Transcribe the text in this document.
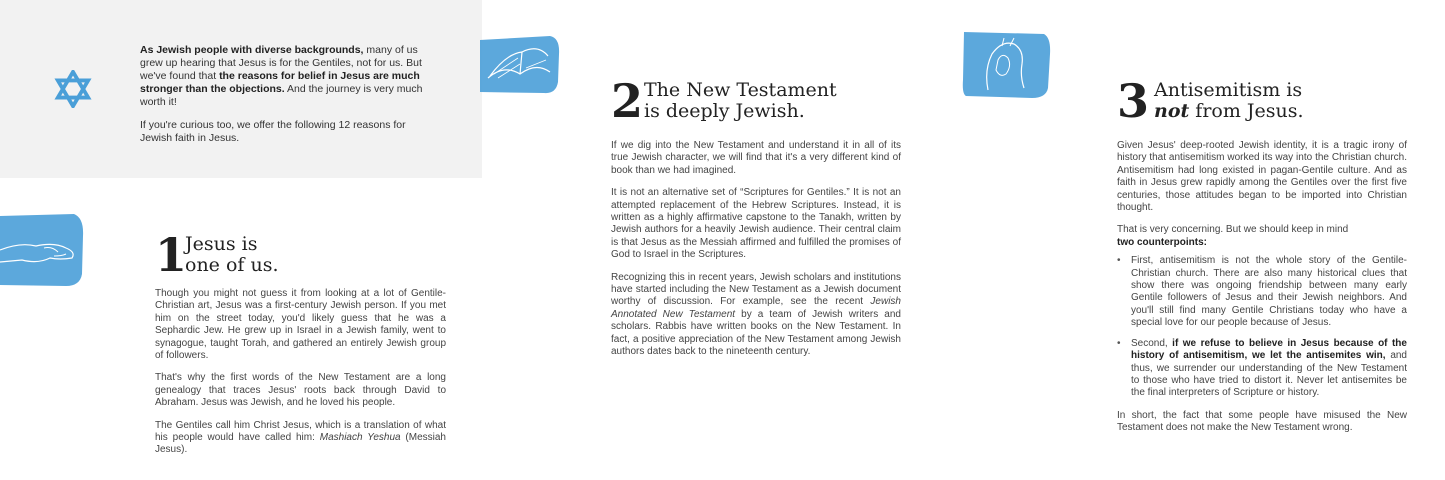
As Jewish people with diverse backgrounds, many of us grew up hearing that Jesus is for the Gentiles, not for us. But we've found that the reasons for belief in Jesus are much stronger than the objections. And the journey is very much worth it!

If you're curious too, we offer the following 12 reasons for Jewish faith in Jesus.

1
Jesus is
one of us.

Though you might not guess it from looking at a lot of Gentile-Christian art, Jesus was a first-century Jewish person. If you met him on the street today, you'd likely guess that he was a Sephardic Jew. He grew up in Israel in a Jewish family, went to synagogue, taught Torah, and gathered an entirely Jewish group of followers.

That's why the first words of the New Testament are a long genealogy that traces Jesus' roots back through David to Abraham. Jesus was Jewish, and he loved his people.

The Gentiles call him Christ Jesus, which is a translation of what his people would have called him: Mashiach Yeshua (Messiah Jesus).

2 The New Testament
is deeply Jewish.

If we dig into the New Testament and understand it in all of its true Jewish character, we will find that it's a very different kind of book than we had imagined.

It is not an alternative set of “Scriptures for Gentiles.” It is not an attempted replacement of the Hebrew Scriptures. Instead, it is written as a highly affirmative capstone to the Tanakh, written by Jewish authors for a heavily Jewish audience. Their central claim is that Jesus as the Messiah affirmed and fulfilled the promises of God to Israel in the Scriptures.

Recognizing this in recent years, Jewish scholars and institutions have started including the New Testament as a Jewish document worthy of discussion. For example, see the recent Jewish Annotated New Testament by a team of Jewish writers and scholars. Rabbis have written books on the New Testament. In fact, a positive appreciation of the New Testament among Jewish authors dates back to the nineteenth century.

3 Antisemitism is
not from Jesus.

Given Jesus' deep-rooted Jewish identity, it is a tragic irony of history that antisemitism worked its way into the Christian church. Antisemitism had long existed in pagan-Gentile culture. And as faith in Jesus grew rapidly among the Gentiles over the first five centuries, those attitudes began to be imported into Christian thought.

That is very concerning. But we should keep in mind
two counterpoints:

• First, antisemitism is not the whole story of the Gentile-Christian church. There are also many historical clues that show there was ongoing friendship between many early Gentile followers of Jesus and their Jewish neighbors. And you'll still find many Gentile Christians today who have a special love for our people because of Jesus.
• Second, if we refuse to believe in Jesus because of the history of antisemitism, we let the antisemites win, and thus, we surrender our understanding of the New Testament to those who have tried to distort it. Never let antisemites be the final interpreters of Scripture or history.

In short, the fact that some people have misused the New Testament does not make the New Testament wrong.
